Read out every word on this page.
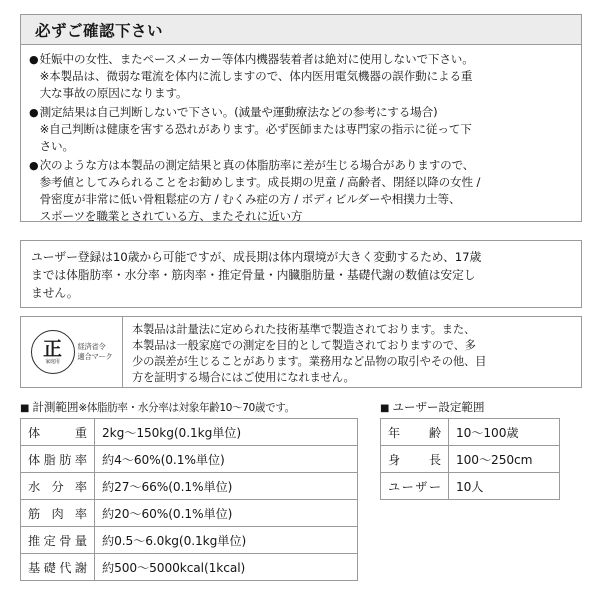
必ずご確認下さい
● 妊娠中の女性、またペースメーカー等体内機器装着者は絶対に使用しないで下さい。
※本製品は、微弱な電流を体内に流しますので、体内医用電気機器の誤作動による重
大な事故の原因になります。
● 測定結果は自己判断しないで下さい。(減量や運動療法などの参考にする場合)
※自己判断は健康を害する恐れがあります。必ず医師または専門家の指示に従って下
さい。
● 次のような方は本製品の測定結果と真の体脂肪率に差が生じる場合がありますので、
参考値としてみられることをお勧めします。成長期の児童 / 高齢者、閉経以降の女性 /
骨密度が非常に低い骨粗鬆症の方 / むくみ症の方 / ボディビルダーや相撲力士等、
スポーツを職業とされている方、またそれに近い方
ユーザー登録は10歳から可能ですが、成長期は体内環境が大きく変動するため、17歳
までは体脂肪率・水分率・筋肉率・推定骨量・内臓脂肪量・基礎代謝の数値は安定し
ません。
正
家庭用
経済省令
適合マーク
本製品は計量法に定められた技術基準で製造されております。また、
本製品は一般家庭での測定を目的として製造されておりますので、多
少の誤差が生じることがあります。業務用など品物の取引やその他、目
方を証明する場合にはご使用になれません。
■ 計測範囲※体脂肪率・水分率は対象年齢10〜70歳です。	■ ユーザー設定範囲
体　重	2kg〜150kg(0.1kg単位)
体脂肪率	約4〜60%(0.1%単位)
水分率	約27〜66%(0.1%単位)
筋肉率	約20〜60%(0.1%単位)
推定骨量	約0.5〜6.0kg(0.1kg単位)
基礎代謝	約500〜5000kcal(1kcal)
年　齢	10〜100歳
身　長	100〜250cm
ユーザー	10人
